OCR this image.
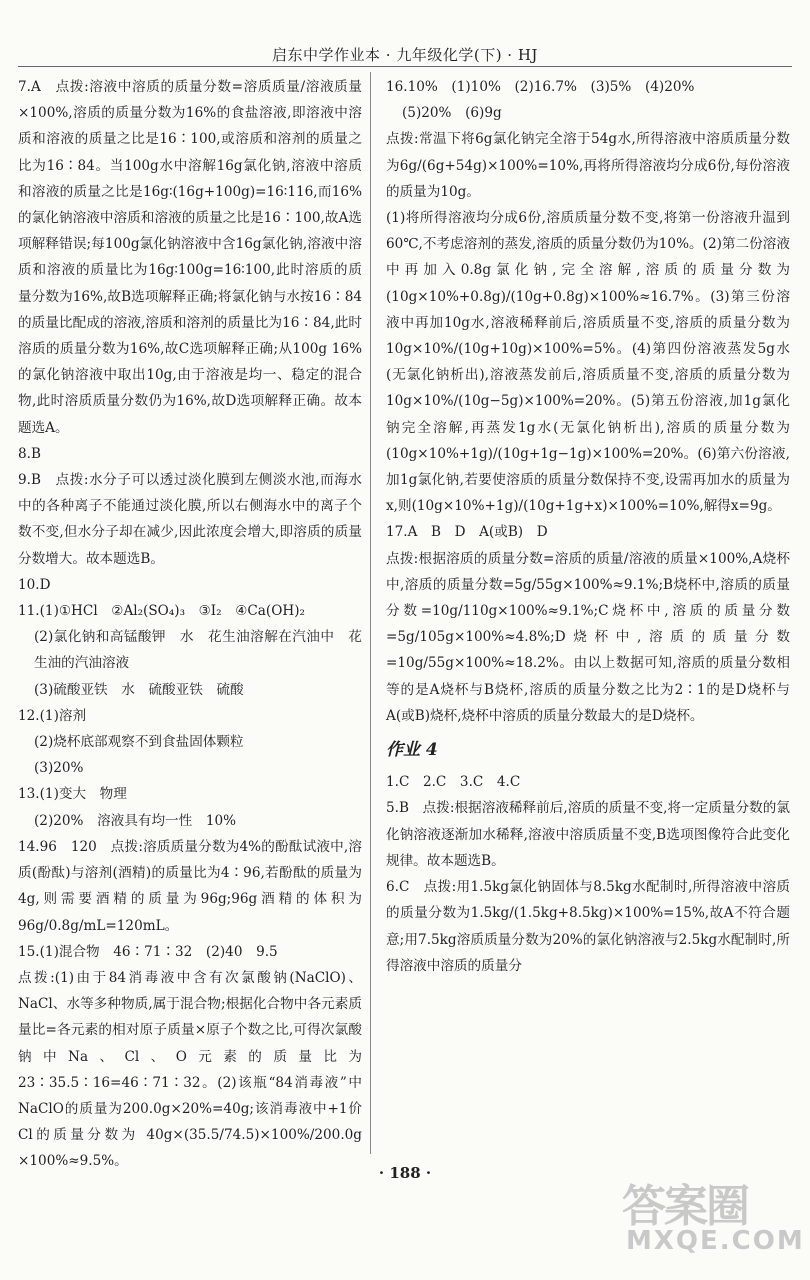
启东中学作业本 · 九年级化学(下) · HJ

7.A　点拨:溶液中溶质的质量分数=溶质质量/溶液质量×100%,溶质的质量分数为16%的食盐溶液,即溶液中溶质和溶液的质量之比是16∶100,或溶质和溶剂的质量之比为16∶84。当100g水中溶解16g氯化钠,溶液中溶质和溶液的质量之比是16g∶(16g+100g)=16∶116,而16%的氯化钠溶液中溶质和溶液的质量之比是16∶100,故A选项解释错误;每100g氯化钠溶液中含16g氯化钠,溶液中溶质和溶液的质量比为16g∶100g=16∶100,此时溶质的质量分数为16%,故B选项解释正确;将氯化钠与水按16∶84的质量比配成的溶液,溶质和溶剂的质量比为16∶84,此时溶质的质量分数为16%,故C选项解释正确;从100g 16%的氯化钠溶液中取出10g,由于溶液是均一、稳定的混合物,此时溶质质量分数仍为16%,故D选项解释正确。故本题选A。

8.B

9.B　点拨:水分子可以透过淡化膜到左侧淡水池,而海水中的各种离子不能通过淡化膜,所以右侧海水中的离子个数不变,但水分子却在减少,因此浓度会增大,即溶质的质量分数增大。故本题选B。

10.D

11.(1)①HCl　②Al₂(SO₄)₃　③I₂　④Ca(OH)₂

(2)氯化钠和高锰酸钾　水　花生油溶解在汽油中　花生油的汽油溶液

(3)硫酸亚铁　水　硫酸亚铁　硫酸

12.(1)溶剂

(2)烧杯底部观察不到食盐固体颗粒

(3)20%

13.(1)变大　物理

(2)20%　溶液具有均一性　10%

14.96　120　点拨:溶质质量分数为4%的酚酞试液中,溶质(酚酞)与溶剂(酒精)的质量比为4∶96,若酚酞的质量为4g,则需要酒精的质量为96g;96g酒精的体积为 96g/0.8g/mL=120mL。

15.(1)混合物　46∶71∶32　(2)40　9.5

点拨:(1)由于84消毒液中含有次氯酸钠(NaClO)、NaCl、水等多种物质,属于混合物;根据化合物中各元素质量比=各元素的相对原子质量×原子个数之比,可得次氯酸钠中Na、Cl、O元素的质量比为23∶35.5∶16=46∶71∶32。(2)该瓶“84消毒液”中NaClO的质量为200.0g×20%=40g;该消毒液中+1价Cl的质量分数为 40g×(35.5/74.5)×100%/200.0g ×100%≈9.5%。

16.10%　(1)10%　(2)16.7%　(3)5%　(4)20%

(5)20%　(6)9g

点拨:常温下将6g氯化钠完全溶于54g水,所得溶液中溶质质量分数为6g/(6g+54g)×100%=10%,再将所得溶液均分成6份,每份溶液的质量为10g。

(1)将所得溶液均分成6份,溶质质量分数不变,将第一份溶液升温到60℃,不考虑溶剂的蒸发,溶质的质量分数仍为10%。(2)第二份溶液中再加入0.8g氯化钠,完全溶解,溶质的质量分数为(10g×10%+0.8g)/(10g+0.8g)×100%≈16.7%。(3)第三份溶液中再加10g水,溶液稀释前后,溶质质量不变,溶质的质量分数为10g×10%/(10g+10g)×100%=5%。(4)第四份溶液蒸发5g水(无氯化钠析出),溶液蒸发前后,溶质质量不变,溶质的质量分数为10g×10%/(10g−5g)×100%=20%。(5)第五份溶液,加1g氯化钠完全溶解,再蒸发1g水(无氯化钠析出),溶质的质量分数为(10g×10%+1g)/(10g+1g−1g)×100%=20%。(6)第六份溶液,加1g氯化钠,若要使溶质的质量分数保持不变,设需再加水的质量为x,则(10g×10%+1g)/(10g+1g+x)×100%=10%,解得x=9g。

17.A　B　D　A(或B)　D

点拨:根据溶质的质量分数=溶质的质量/溶液的质量×100%,A烧杯中,溶质的质量分数=5g/55g×100%≈9.1%;B烧杯中,溶质的质量分数=10g/110g×100%≈9.1%;C烧杯中,溶质的质量分数=5g/105g×100%≈4.8%;D烧杯中,溶质的质量分数=10g/55g×100%≈18.2%。由以上数据可知,溶质的质量分数相等的是A烧杯与B烧杯,溶质的质量分数之比为2∶1的是D烧杯与A(或B)烧杯,烧杯中溶质的质量分数最大的是D烧杯。

作业 4

1.C　2.C　3.C　4.C

5.B　点拨:根据溶液稀释前后,溶质的质量不变,将一定质量分数的氯化钠溶液逐渐加水稀释,溶液中溶质质量不变,B选项图像符合此变化规律。故本题选B。

6.C　点拨:用1.5kg氯化钠固体与8.5kg水配制时,所得溶液中溶质的质量分数为1.5kg/(1.5kg+8.5kg)×100%=15%,故A不符合题意;用7.5kg溶质质量分数为20%的氯化钠溶液与2.5kg水配制时,所得溶液中溶质的质量分

· 188 ·
答案圈
MXQE.COM
